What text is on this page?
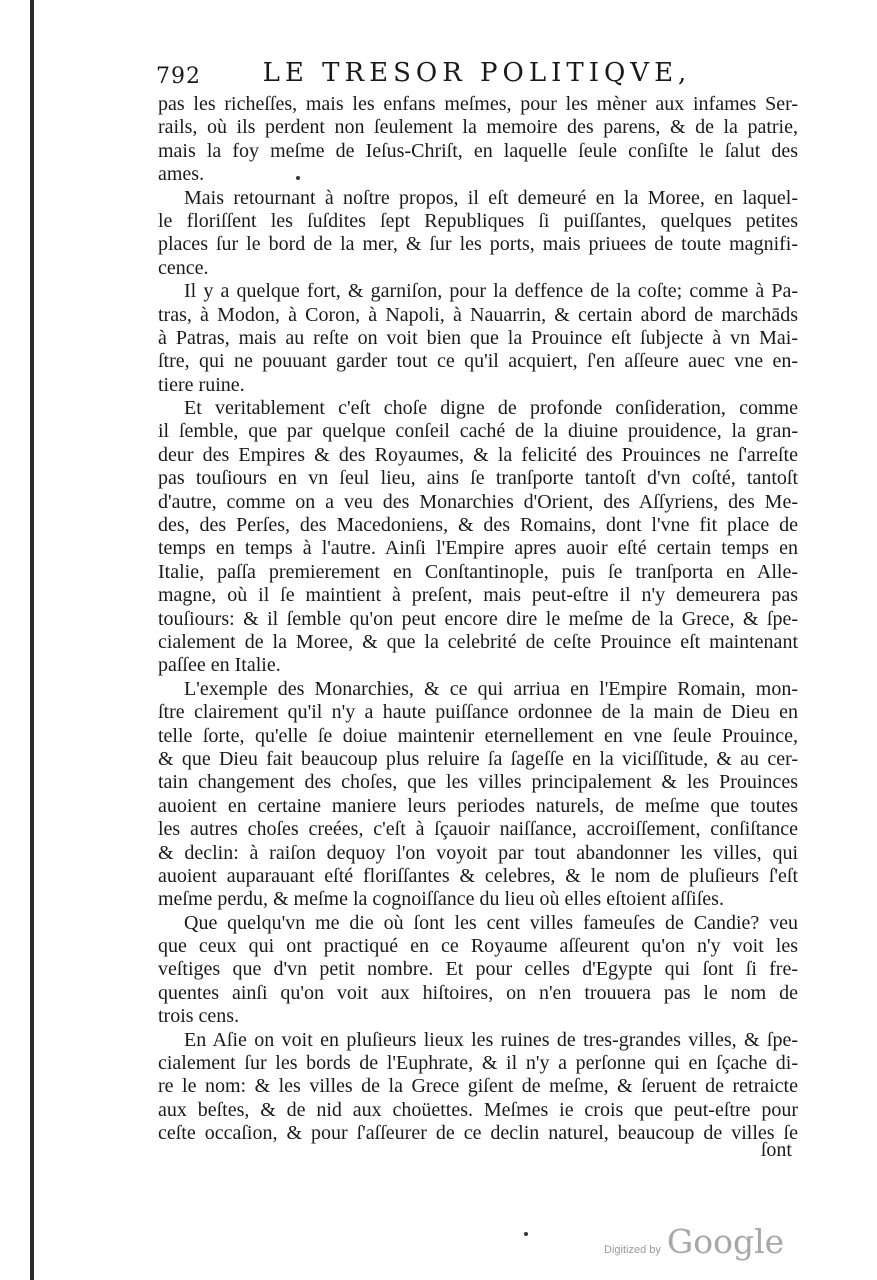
792	LE TRESOR POLITIQVE,
pas les richeſſes, mais les enfans meſmes, pour les mèner aux infames Ser-
rails, où ils perdent non ſeulement la memoire des parens, & de la patrie,
mais la foy meſme de Ieſus-Chriſt, en laquelle ſeule conſiſte le ſalut des
ames.
Mais retournant à noſtre propos, il eſt demeuré en la Moree, en laquel-
le floriſſent les ſuſdites ſept Republiques ſi puiſſantes, quelques petites
places ſur le bord de la mer, & ſur les ports, mais priuees de toute magnifi-
cence.
Il y a quelque fort, & garniſon, pour la deffence de la coſte; comme à Pa-
tras, à Modon, à Coron, à Napoli, à Nauarrin, & certain abord de marchāds
à Patras, mais au reſte on voit bien que la Prouince eſt ſubjecte à vn Mai-
ſtre, qui ne pouuant garder tout ce qu'il acquiert, ſ'en aſſeure auec vne en-
tiere ruine.
Et veritablement c'eſt choſe digne de profonde conſideration, comme
il ſemble, que par quelque conſeil caché de la diuine prouidence, la gran-
deur des Empires & des Royaumes, & la felicité des Prouinces ne ſ'arreſte
pas touſiours en vn ſeul lieu, ains ſe tranſporte tantoſt d'vn coſté, tantoſt
d'autre, comme on a veu des Monarchies d'Orient, des Aſſyriens, des Me-
des, des Perſes, des Macedoniens, & des Romains, dont l'vne fit place de
temps en temps à l'autre. Ainſi l'Empire apres auoir eſté certain temps en
Italie, paſſa premierement en Conſtantinople, puis ſe tranſporta en Alle-
magne, où il ſe maintient à preſent, mais peut-eſtre il n'y demeurera pas
touſiours: & il ſemble qu'on peut encore dire le meſme de la Grece, & ſpe-
cialement de la Moree, & que la celebrité de ceſte Prouince eſt maintenant
paſſee en Italie.
L'exemple des Monarchies, & ce qui arriua en l'Empire Romain, mon-
ſtre clairement qu'il n'y a haute puiſſance ordonnee de la main de Dieu en
telle ſorte, qu'elle ſe doiue maintenir eternellement en vne ſeule Prouince,
& que Dieu fait beaucoup plus reluire ſa ſageſſe en la viciſſitude, & au cer-
tain changement des choſes, que les villes principalement & les Prouinces
auoient en certaine maniere leurs periodes naturels, de meſme que toutes
les autres choſes creées, c'eſt à ſçauoir naiſſance, accroiſſement, conſiſtance
& declin: à raiſon dequoy l'on voyoit par tout abandonner les villes, qui
auoient auparauant eſté floriſſantes & celebres, & le nom de pluſieurs ſ'eſt
meſme perdu, & meſme la cognoiſſance du lieu où elles eſtoient aſſiſes.
Que quelqu'vn me die où ſont les cent villes fameuſes de Candie? veu
que ceux qui ont practiqué en ce Royaume aſſeurent qu'on n'y voit les
veſtiges que d'vn petit nombre. Et pour celles d'Egypte qui ſont ſi fre-
quentes ainſi qu'on voit aux hiſtoires, on n'en trouuera pas le nom de
trois cens.
En Aſie on voit en pluſieurs lieux les ruines de tres-grandes villes, & ſpe-
cialement ſur les bords de l'Euphrate, & il n'y a perſonne qui en ſçache di-
re le nom: & les villes de la Grece giſent de meſme, & ſeruent de retraicte
aux beſtes, & de nid aux choüettes. Meſmes ie crois que peut-eſtre pour
ceſte occaſion, & pour ſ'aſſeurer de ce declin naturel, beaucoup de villes ſe
ſont
Digitized by Google
